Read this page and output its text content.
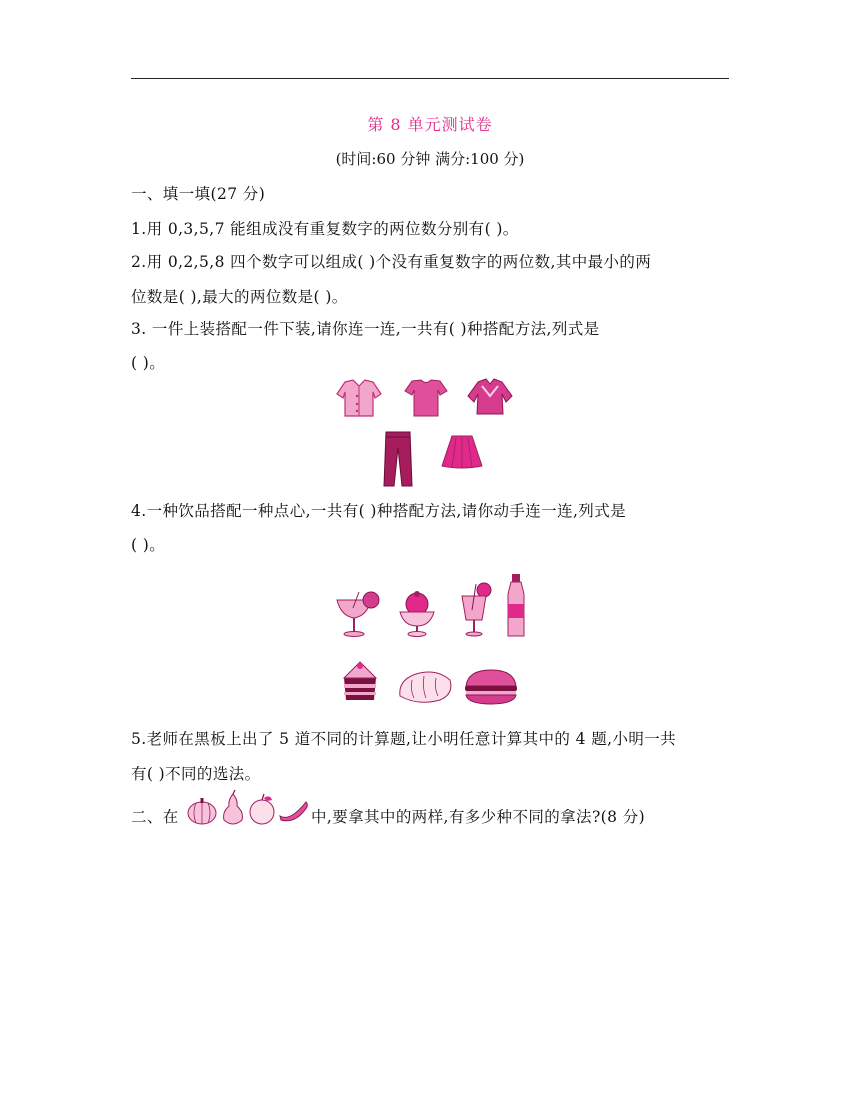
第 8 单元测试卷
(时间:60 分钟 满分:100 分)
一、填一填(27 分)
1.用 0,3,5,7 能组成没有重复数字的两位数分别有( )。
2.用 0,2,5,8 四个数字可以组成( )个没有重复数字的两位数,其中最小的两
位数是( ),最大的两位数是( )。
3. 一件上装搭配一件下装,请你连一连,一共有( )种搭配方法,列式是
( )。
4.一种饮品搭配一种点心,一共有( )种搭配方法,请你动手连一连,列式是
( )。
5.老师在黑板上出了 5 道不同的计算题,让小明任意计算其中的 4 题,小明一共
有( )不同的选法。
二、在	中,要拿其中的两样,有多少种不同的拿法?(8 分)
